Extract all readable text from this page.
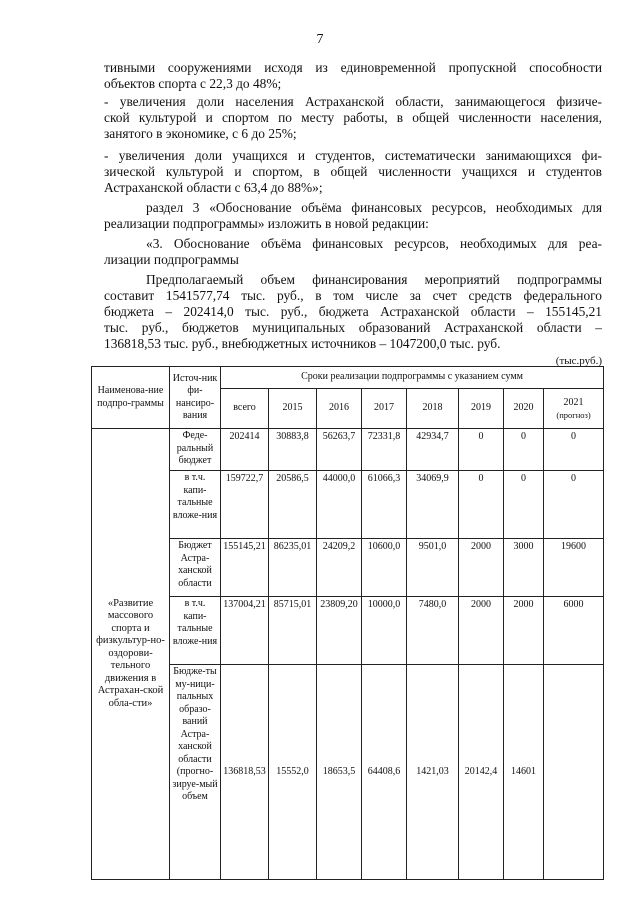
7
тивными сооружениями исходя из единовременной пропускной способности
объектов спорта с 22,3 до 48%;
- увеличения доли населения Астраханской области, занимающегося физиче-
ской культурой и спортом по месту работы, в общей численности населения,
занятого в экономике, с 6 до 25%;
- увеличения доли учащихся и студентов, систематически занимающихся фи-
зической культурой и спортом, в общей численности учащихся и студентов
Астраханской области с 63,4 до 88%»;
раздел 3 «Обоснование объёма финансовых ресурсов, необходимых для
реализации подпрограммы» изложить в новой редакции:
«3. Обоснование объёма финансовых ресурсов, необходимых для реа-
лизации подпрограммы
Предполагаемый объем финансирования мероприятий подпрограммы
составит 1541577,74 тыс. руб., в том числе за счет средств федерального
бюджета – 202414,0 тыс. руб., бюджета Астраханской области – 155145,21
тыс. руб., бюджетов муниципальных образований Астраханской области –
136818,53 тыс. руб., внебюджетных источников – 1047200,0 тыс. руб.
(тыс.руб.)
Наименова-ние подпро-граммы	Источ-ник фи-нансиро-вания	Сроки реализации подпрограммы с указанием сумм							
		всего	2015	2016	2017	2018	2019	2020	2021
(прогноз)

«Развитие массового спорта и физкультур-но-оздорови-тельного движения в Астрахан-ской обла-сти»	Феде-ральный бюджет	202414	30883,8	56263,7	72331,8	42934,7	0	0	0
	в т.ч. капи-тальные вложе-ния	159722,7	20586,5	44000,0	61066,3	34069,9	0	0	0
	Бюджет Астра-ханской области	155145,21	86235,01	24209,2	10600,0	9501,0	2000	3000	19600
	в т.ч. капи-тальные вложе-ния	137004,21	85715,01	23809,20	10000,0	7480,0	2000	2000	6000
	Бюдже-ты му-ници-пальных образо-ваний Астра-ханской области (прогно-зируе-мый объем	136818,53	15552,0	18653,5	64408,6	1421,03	20142,4	14601	
